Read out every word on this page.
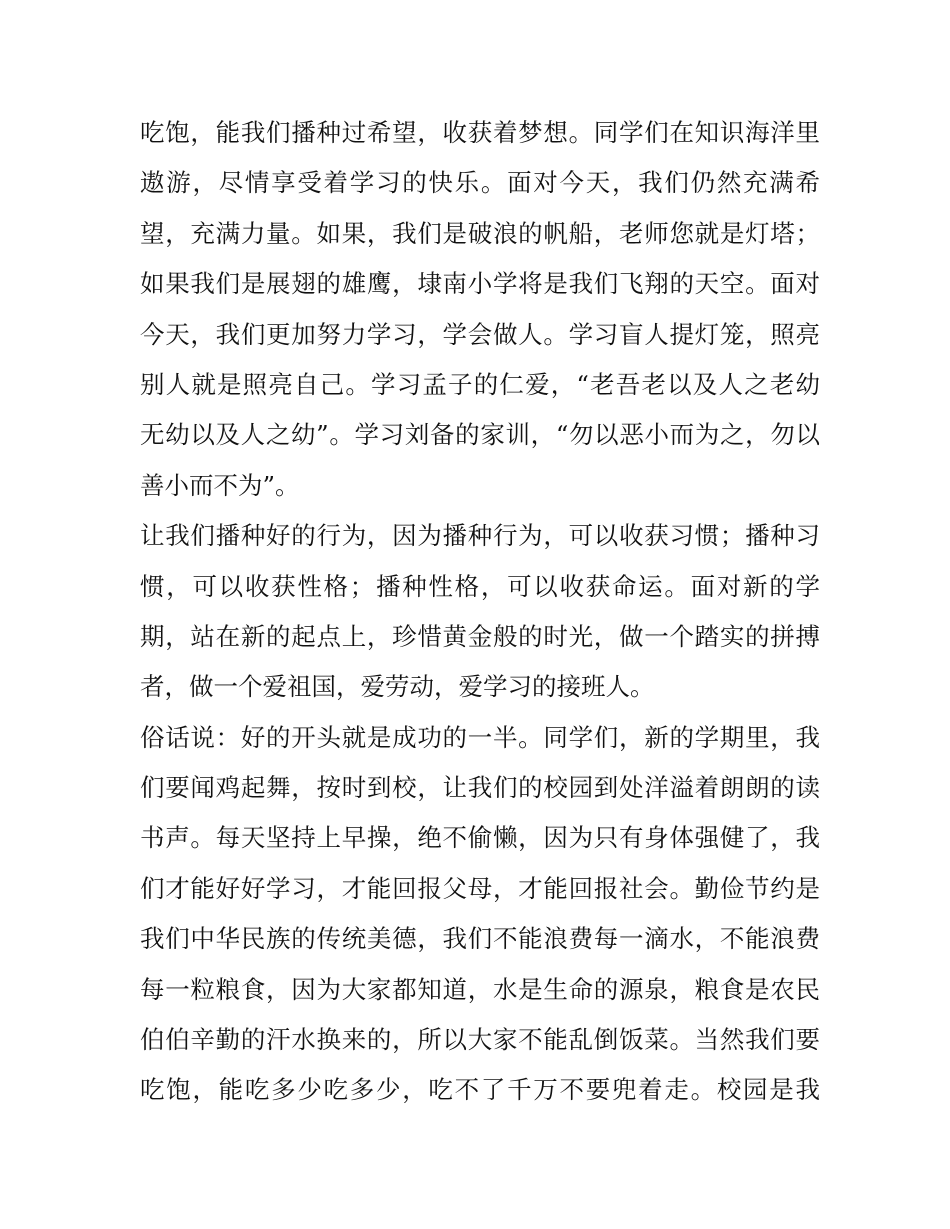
吃饱，能我们播种过希望，收获着梦想。同学们在知识海洋里
遨游，尽情享受着学习的快乐。面对今天，我们仍然充满希
望，充满力量。如果，我们是破浪的帆船，老师您就是灯塔；
如果我们是展翅的雄鹰，埭南小学将是我们飞翔的天空。面对
今天，我们更加努力学习，学会做人。学习盲人提灯笼，照亮
别人就是照亮自己。学习孟子的仁爱，“老吾老以及人之老幼
无幼以及人之幼”。学习刘备的家训，“勿以恶小而为之，勿以
善小而不为”。
让我们播种好的行为，因为播种行为，可以收获习惯；播种习
惯，可以收获性格；播种性格，可以收获命运。面对新的学
期，站在新的起点上，珍惜黄金般的时光，做一个踏实的拼搏
者，做一个爱祖国，爱劳动，爱学习的接班人。
俗话说：好的开头就是成功的一半。同学们，新的学期里，我
们要闻鸡起舞，按时到校，让我们的校园到处洋溢着朗朗的读
书声。每天坚持上早操，绝不偷懒，因为只有身体强健了，我
们才能好好学习，才能回报父母，才能回报社会。勤俭节约是
我们中华民族的传统美德，我们不能浪费每一滴水，不能浪费
每一粒粮食，因为大家都知道，水是生命的源泉，粮食是农民
伯伯辛勤的汗水换来的，所以大家不能乱倒饭菜。当然我们要
吃饱，能吃多少吃多少，吃不了千万不要兜着走。校园是我
